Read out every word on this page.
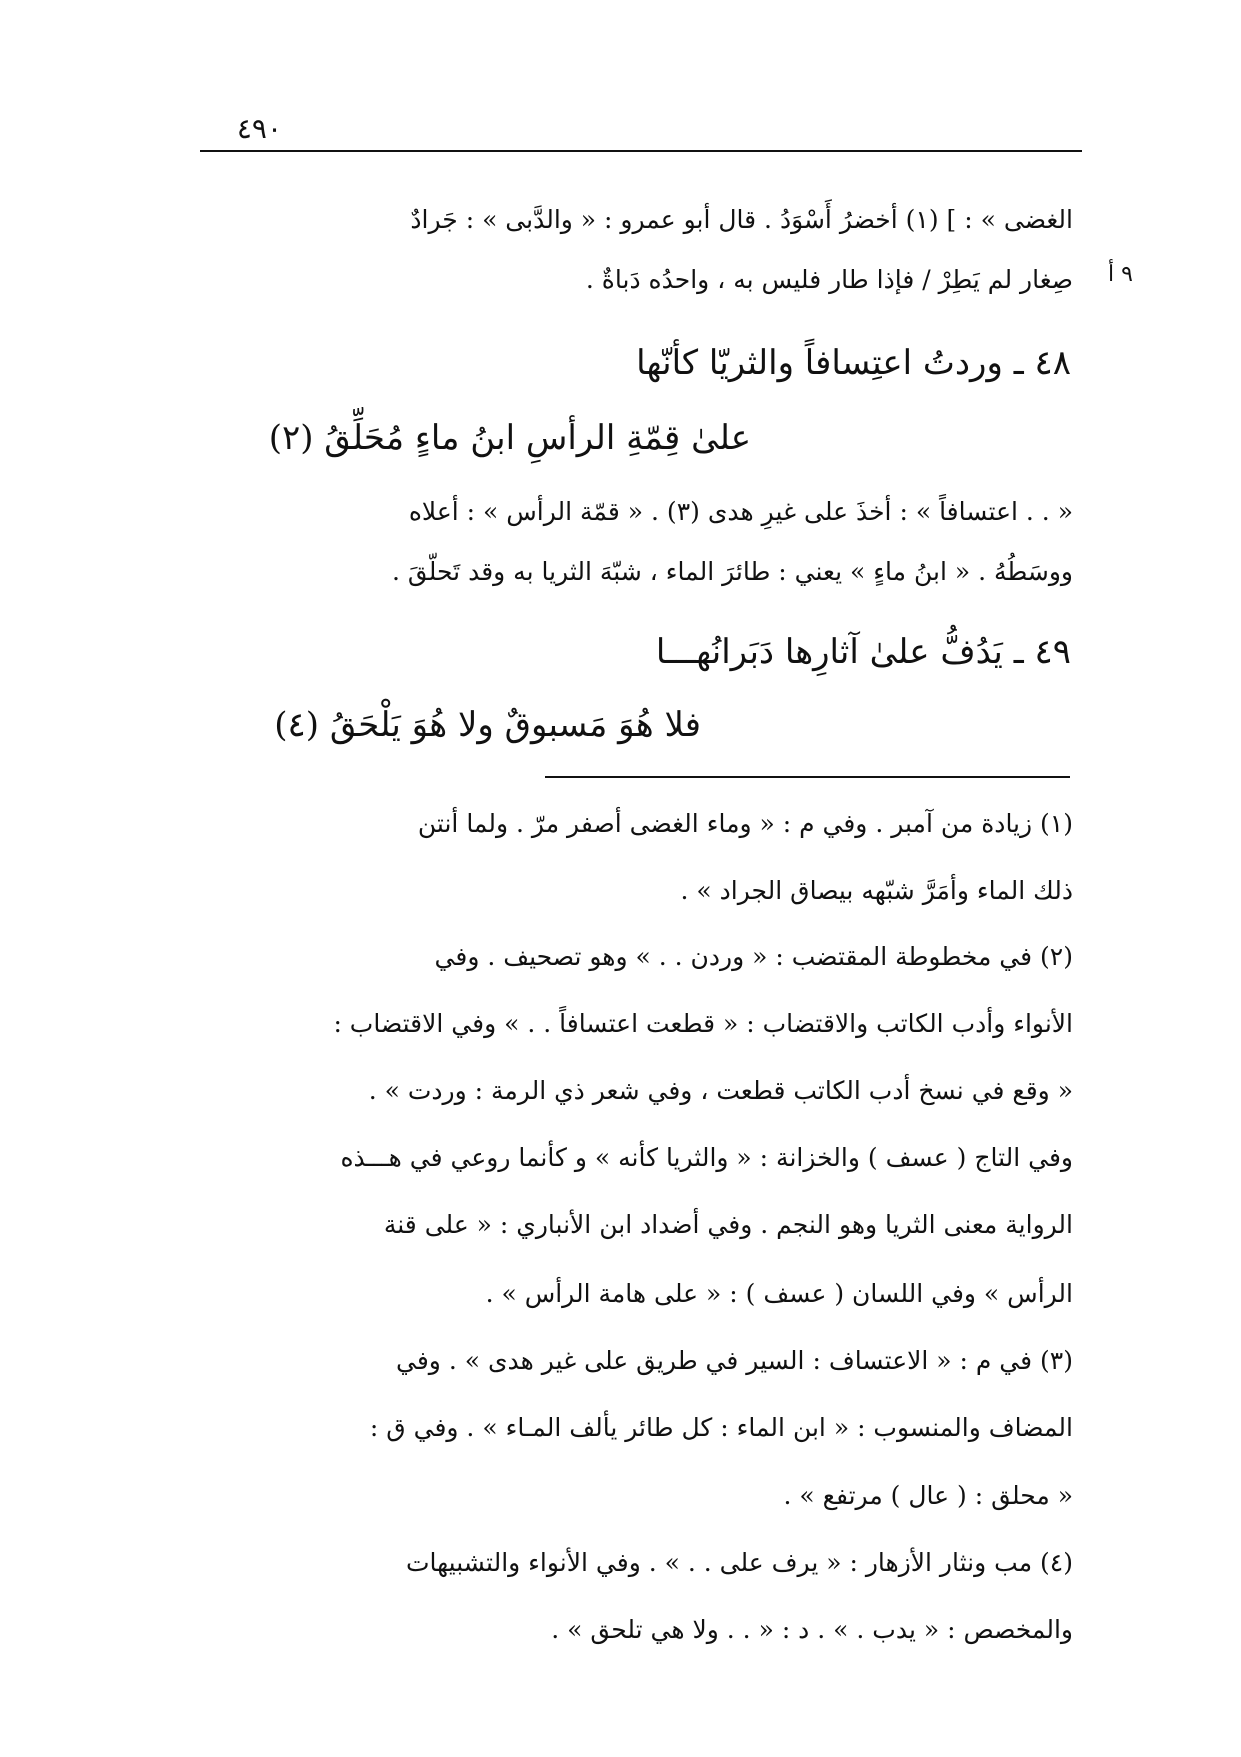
٤٩٠
٩ أ

الغضى » : ] (١) أخضرُ أَسْوَدُ . قال أبو عمرو : « والدَّبى » : جَرادٌ

صِغار لم يَطِرْ / فإذا طار فليس به ، واحدُه دَباةٌ .

٤٨ ـ وردتُ اعتِسافاً والثريّا كأنّها
علىٰ قِمّةِ الرأسِ ابنُ ماءٍ مُحَلِّقُ (٢)

« . . اعتسافاً » : أخذَ على غيرِ هدى (٣) . « قمّة الرأس » : أعلاه

ووسَطُهُ . « ابنُ ماءٍ » يعني : طائرَ الماء ، شبّهَ الثريا به وقد تَحلّقَ .

٤٩ ـ يَدُفُّ علىٰ آثارِها دَبَرانُهـــا
فلا هُوَ مَسبوقٌ ولا هُوَ يَلْحَقُ (٤)

(١) زيادة من آمبر . وفي م : « وماء الغضى أصفر مرّ . ولما أنتن

ذلك الماء وأمَرَّ شبّهه بيصاق الجراد » .

(٢) في مخطوطة المقتضب : « وردن . . » وهو تصحيف . وفي

الأنواء وأدب الكاتب والاقتضاب : « قطعت اعتسافاً . . » وفي الاقتضاب :

« وقع في نسخ أدب الكاتب قطعت ، وفي شعر ذي الرمة : وردت » .

وفي التاج ( عسف ) والخزانة : « والثريا كأنه » و كأنما روعي في هـــذه

الرواية معنى الثريا وهو النجم . وفي أضداد ابن الأنباري : « على قنة

الرأس » وفي اللسان ( عسف ) : « على هامة الرأس » .

(٣) في م : « الاعتساف : السير في طريق على غير هدى » . وفي

المضاف والمنسوب : « ابن الماء : كل طائر يألف المـاء » . وفي ق :

« محلق : ( عال ) مرتفع » .

(٤) مب ونثار الأزهار : « يرف على . . » . وفي الأنواء والتشبيهات

والمخصص : « يدب . » . د : « . . ولا هي تلحق » .
